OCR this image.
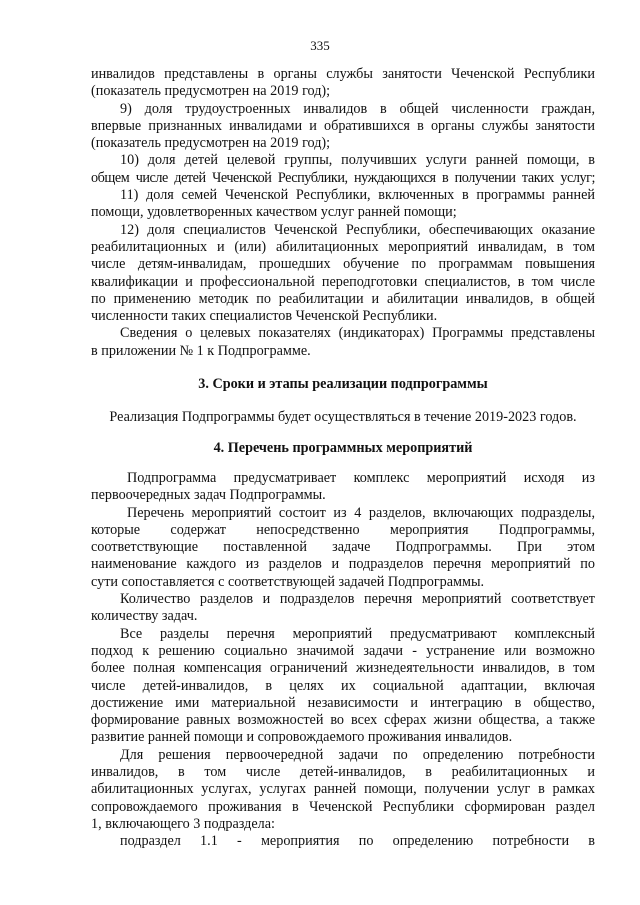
335
инвалидов представлены в органы службы занятости Чеченской Республики
(показатель предусмотрен на 2019 год);
9) доля трудоустроенных инвалидов в общей численности граждан,
впервые признанных инвалидами и обратившихся в органы службы занятости
(показатель предусмотрен на 2019 год);
10) доля детей целевой группы, получивших услуги ранней помощи, в
общем числе детей Чеченской Республики, нуждающихся в получении таких услуг;
11) доля семей Чеченской Республики, включенных в программы ранней
помощи, удовлетворенных качеством услуг ранней помощи;
12) доля специалистов Чеченской Республики, обеспечивающих оказание
реабилитационных и (или) абилитационных мероприятий инвалидам, в том
числе детям-инвалидам, прошедших обучение по программам повышения
квалификации и профессиональной переподготовки специалистов, в том числе
по применению методик по реабилитации и абилитации инвалидов, в общей
численности таких специалистов Чеченской Республики.
Сведения о целевых показателях (индикаторах) Программы представлены
в приложении № 1 к Подпрограмме.
3. Сроки и этапы реализации подпрограммы
Реализация Подпрограммы будет осуществляться в течение 2019-2023 годов.
4. Перечень программных мероприятий
Подпрограмма предусматривает комплекс мероприятий исходя из
первоочередных задач Подпрограммы.
Перечень мероприятий состоит из 4 разделов, включающих подразделы,
которые содержат непосредственно мероприятия Подпрограммы,
соответствующие поставленной задаче Подпрограммы. При этом
наименование каждого из разделов и подразделов перечня мероприятий по
сути сопоставляется с соответствующей задачей Подпрограммы.
Количество разделов и подразделов перечня мероприятий соответствует
количеству задач.
Все разделы перечня мероприятий предусматривают комплексный
подход к решению социально значимой задачи - устранение или возможно
более полная компенсация ограничений жизнедеятельности инвалидов, в том
числе детей-инвалидов, в целях их социальной адаптации, включая
достижение ими материальной независимости и интеграцию в общество,
формирование равных возможностей во всех сферах жизни общества, а также
развитие ранней помощи и сопровождаемого проживания инвалидов.
Для решения первоочередной задачи по определению потребности
инвалидов, в том числе детей-инвалидов, в реабилитационных и
абилитационных услугах, услугах ранней помощи, получении услуг в рамках
сопровождаемого проживания в Чеченской Республики сформирован раздел
1, включающего 3 подраздела:
подраздел 1.1 - мероприятия по определению потребности в
